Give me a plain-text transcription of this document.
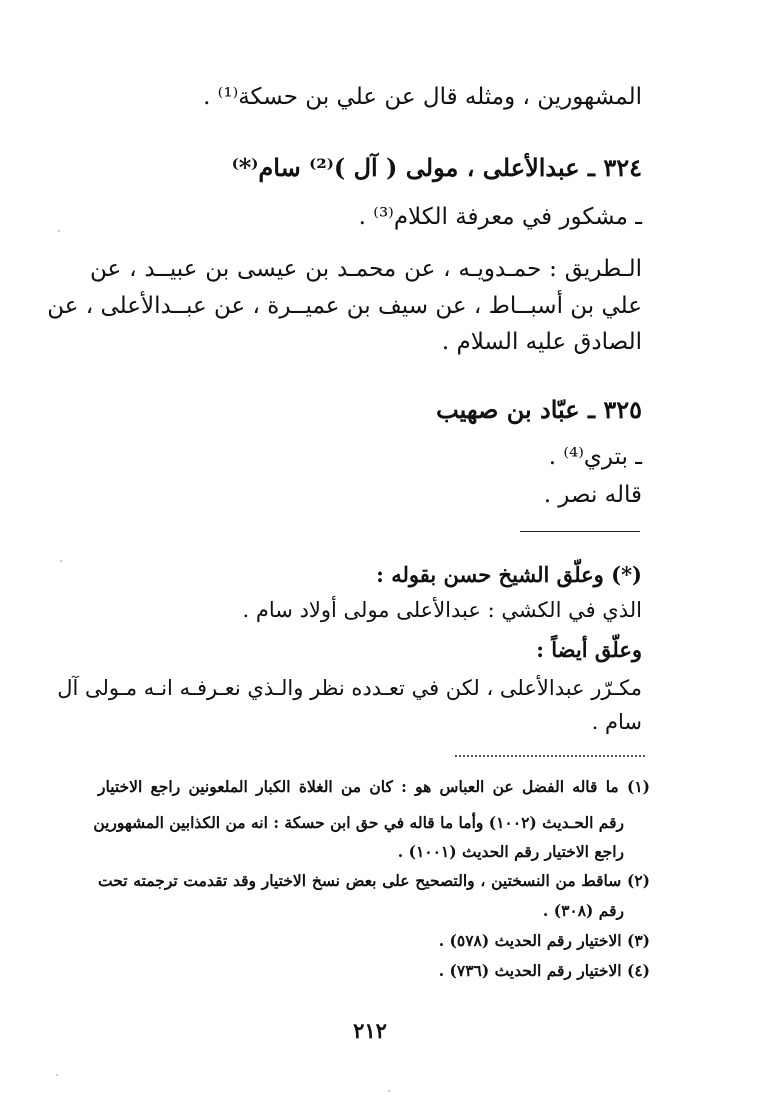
المشهورين ، ومثله قال عن علي بن حسكة⁽¹⁾ .
٣٢٤ ـ عبدالأعلى ، مولى ( آل )⁽²⁾ سام⁽*⁾
ـ مشكور في معرفة الكلام⁽³⁾ .
الـطريق : حمـدويـه ، عن محمـد بن عيسى بن عبيــد ، عن
علي بن أسبــاط ، عن سيف بن عميــرة ، عن عبــدالأعلى ، عن
الصادق عليه السلام .
٣٢٥ ـ عبّاد بن صهيب
ـ بتري⁽⁴⁾ .
قاله نصر .
(*) وعلّق الشيخ حسن بقوله :
الذي في الكشي : عبدالأعلى مولى أولاد سام .
وعلّق أيضاً :
مكـرّر عبدالأعلى ، لكن في تعـدده نظر والـذي نعـرفـه انـه مـولى آل
سام .
(١) ما قاله الفضل عن العباس هو : كان من الغلاة الكبار الملعونين راجع الاختيار
رقم الحـديث (١٠٠٢) وأما ما قاله في حق ابن حسكة : انه من الكذابين المشهورين
راجع الاختيار رقم الحديث (١٠٠١) .
(٢) ساقط من النسختين ، والتصحيح على بعض نسخ الاختيار وقد تقدمت ترجمته تحت
رقم (٣٠٨) .
(٣) الاختيار رقم الحديث (٥٧٨) .
(٤) الاختيار رقم الحديث (٧٣٦) .
٢١٢
